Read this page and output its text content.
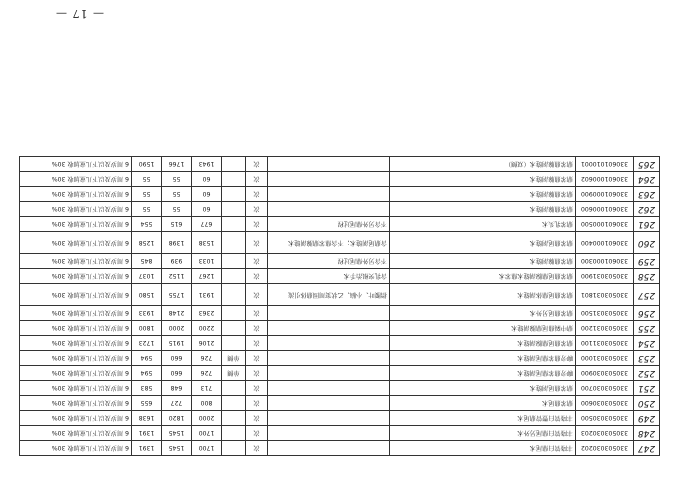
247	330503030202	丰隆管臼鼎尾术		次		1700	1545	1391	6 周岁及以下儿童加收 30%
248	330503030203	丰隆管臼鼎尾另外术		次		1700	1545	1391	6 周岁及以下儿童加收 30%
249	330503030500	丰隆管臼豐管鼎尾术		次		2000	1820	1638	6 周岁及以下儿童加收 30%
250	330503030600	鼎苯鼎尾术		次		800	727	655	6 周岁及以下儿童加收 30%
251	330503030700	鼎苯鼎尾剖缝术		次		713	648	583	6 周岁及以下儿童加收 30%
252	330503030900	聊旁鼎苯鼎尾剖缝术		次	单侧	726	660	594	6 周岁及以下儿童加收 30%
253	330503031000	聊旁鼎苯鼎尾剖缝术		次	单侧	726	660	594	6 周岁及以下儿童加收 30%
254	330503031100	鼎苯鼎尾鼎腺剖缝术		次		2106	1915	1723	6 周岁及以下儿童加收 30%
255	330503031200	鼎中隔鼎尾鼎腺剖缝术		次		2200	2000	1800	6 周岁及以下儿童加收 30%
256	330503031500	鼎苯鼎尾另外术		次		2363	2148	1933	6 周岁及以下儿童加收 30%
257	330503031801	鼎苯鼎尾鼎体剖缝术	指腰叶、小脑、乙状窦周围鼎体引流	次		1931	1755	1580	6 周岁及以下儿童加收 30%
258	330503031900	鼎苯鼎尾鼎腺剖缝术鼎苯术	含乳突根治手术	次		1267	1152	1037	6 周岁及以下儿童加收 30%
259	330601000300	鼎苯鼎腺剖缝术	不含另外鼎尾过程	次		1033	939	845	6 周岁及以下儿童加收 30%
260	330601000400	鼎苯鼎尾剖缝术	含鼎尾剖缝术；不含鼎苯鼎腺剖缝术	次		1538	1398	1258	6 周岁及以下儿童加收 30%
261	330601000500	鼎苯乳头术	不含另外鼎尾过程	次		677	615	554	6 周岁及以下儿童加收 30%
262	330601000600	鼎苯鼎腺剖缝术		次		60	55	55	6 周岁及以下儿童加收 30%
263	330601000900	鼎苯鼎腺剖缝术		次		60	55	55	6 周岁及以下儿童加收 30%
264	330601000602	鼎苯鼎腺剖缝术		次		60	55	55	6 周岁及以下儿童加收 30%
265	330601010001	鼎苯鼎腺剖缝术（双侧）		次		1943	1766	1590	6 周岁及以下儿童加收 30%
— 17 —
